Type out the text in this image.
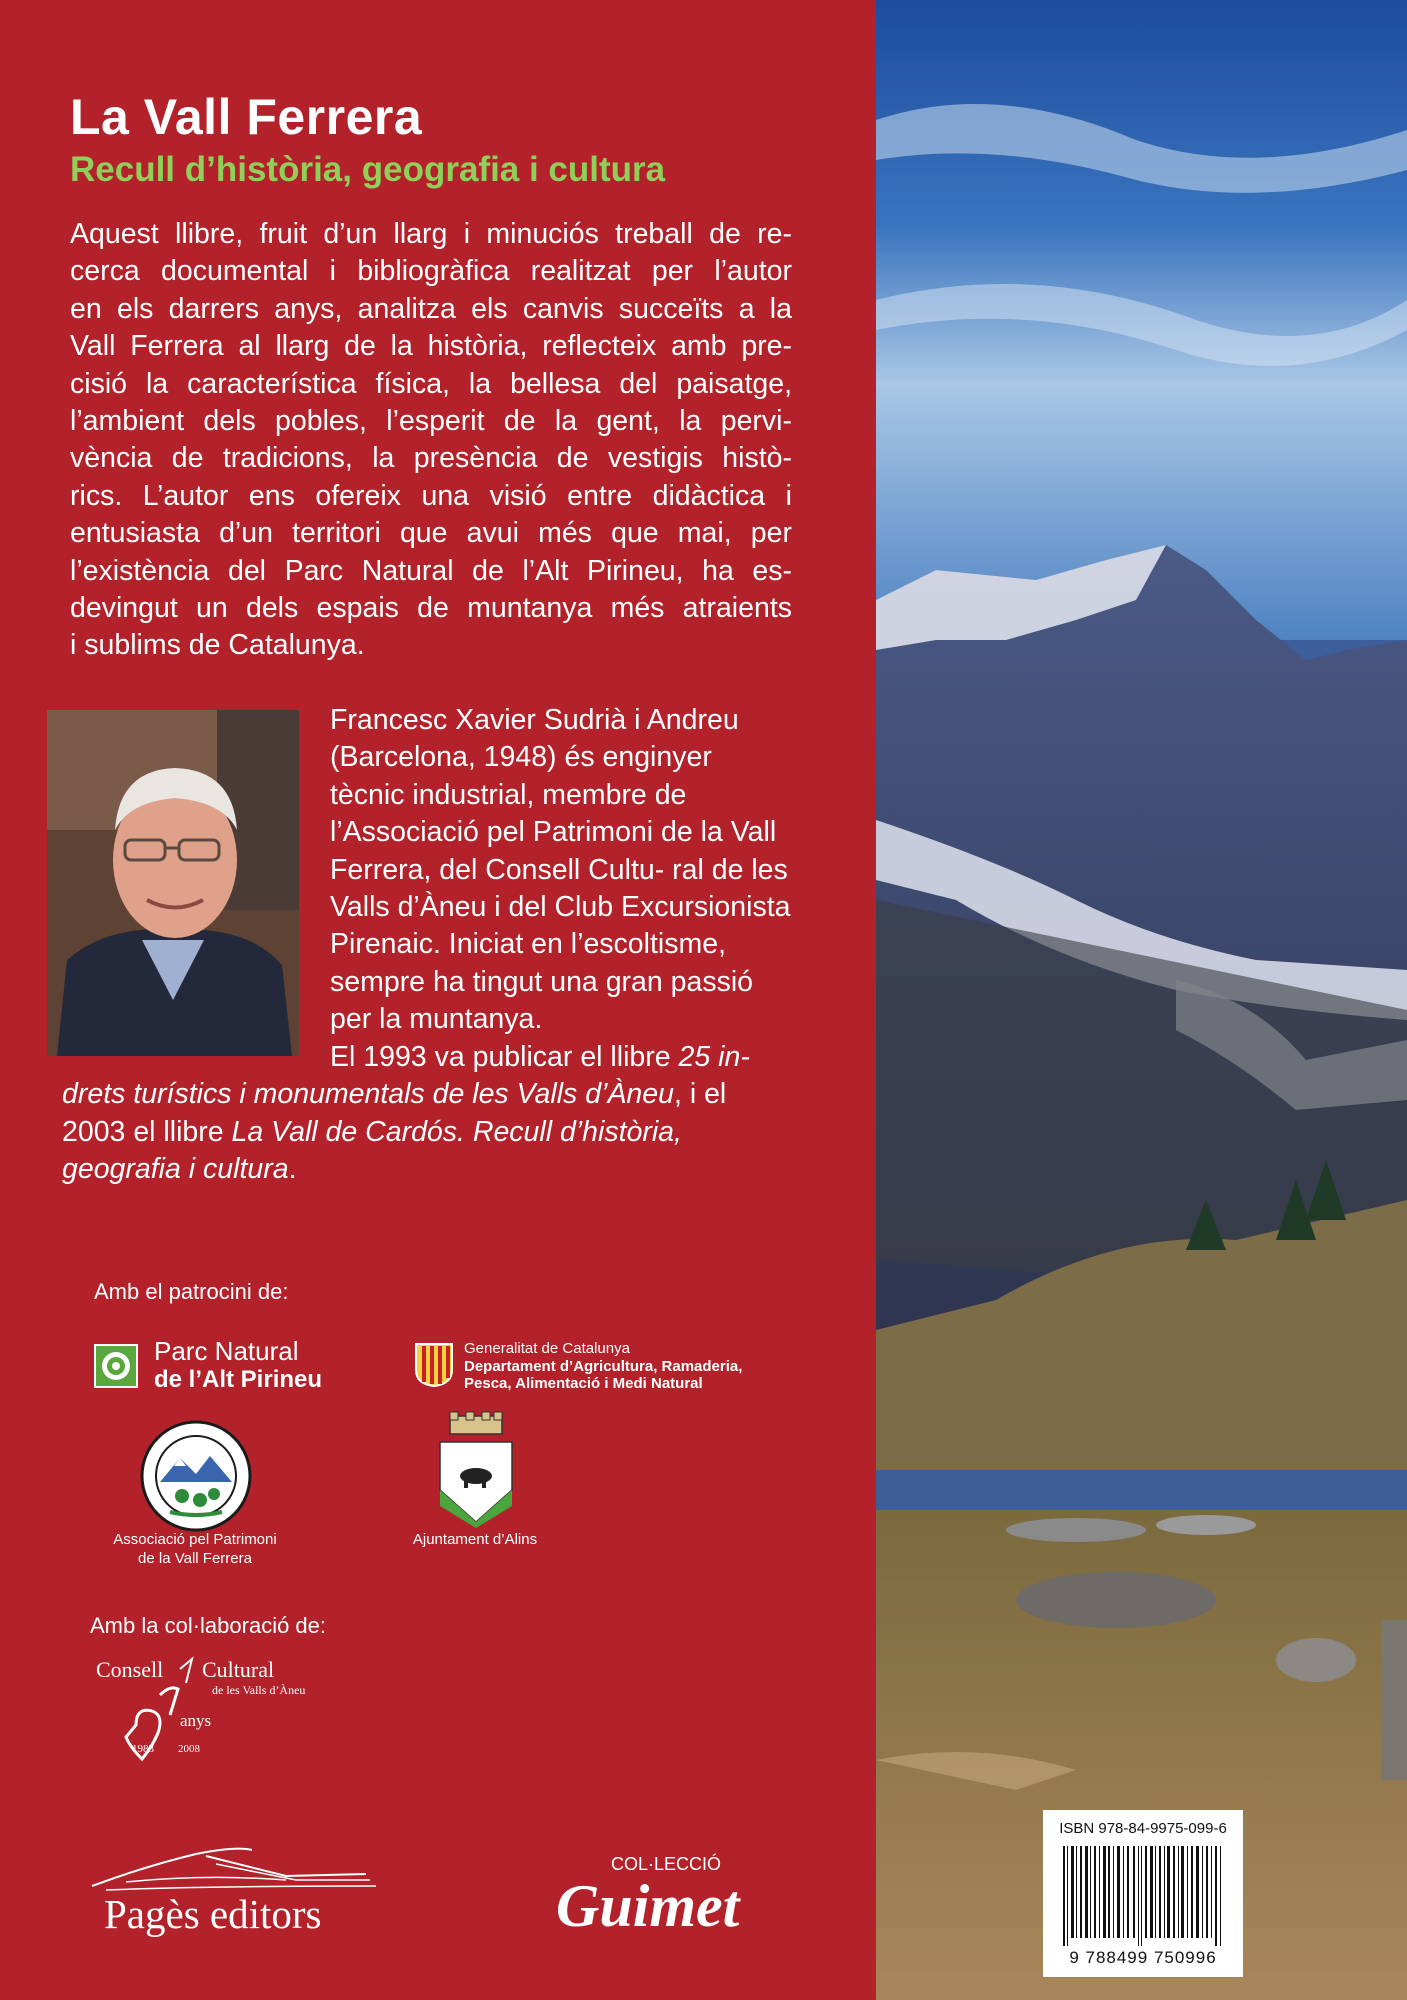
La Vall Ferrera
Recull d’història, geografia i cultura
Aquest llibre, fruit d’un llarg i minuciós treball de re-
cerca documental i bibliogràfica realitzat per l’autor
en els darrers anys, analitza els canvis succeïts a la
Vall Ferrera al llarg de la història, reflecteix amb pre-
cisió la característica física, la bellesa del paisatge,
l’ambient dels pobles, l’esperit de la gent, la pervi-
vència de tradicions, la presència de vestigis histò-
rics. L’autor ens ofereix una visió entre didàctica i
entusiasta d’un territori que avui més que mai, per
l’existència del Parc Natural de l’Alt Pirineu, ha es-
devingut un dels espais de muntanya més atraients
i sublims de Catalunya.
Francesc Xavier Sudrià i Andreu (Barcelona, 1948) és enginyer tècnic industrial, membre de l’Associació pel Patrimoni de la Vall Ferrera, del Consell Cultu- ral de les Valls d’Àneu i del Club Excursionista Pirenaic. Iniciat en l’escoltisme, sempre ha tingut una gran passió per la muntanya.
El 1993 va publicar el llibre 25 in- drets turístics i monumentals de les Valls d’Àneu, i el 2003 el llibre La Vall de Cardós. Recull d’història, geografia i cultura.
Amb el patrocini de:
Parc Natural
de l’Alt Pirineu
Generalitat de Catalunya
Departament d’Agricultura, Ramaderia,
Pesca, Alimentació i Medi Natural
Associació pel Patrimoni
de la Vall Ferrera
Ajuntament d’Alins
Amb la col·laboració de:
Consell Cultural
de les Valls d’Àneu
anys
1983 2008
Pagès editors
COL·LECCIÓ
Guimet
ISBN 978-84-9975-099-6
9 788499 750996
